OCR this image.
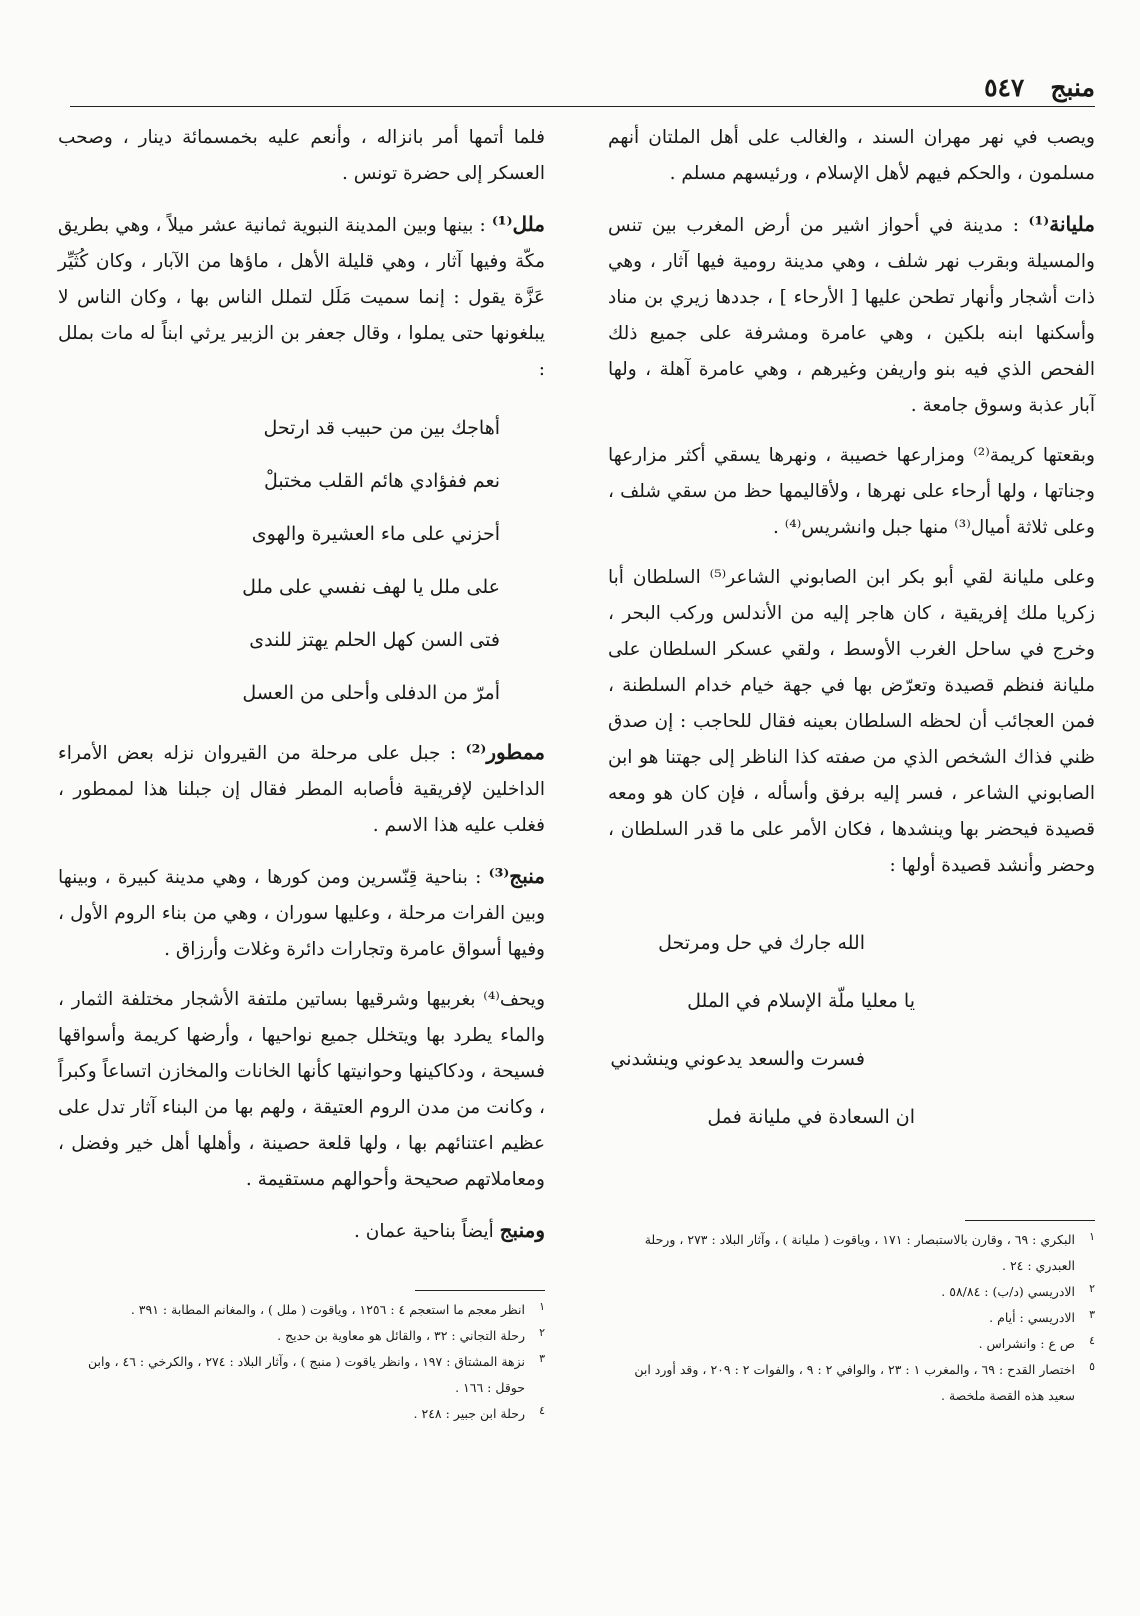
منبج
٥٤٧

ويصب في نهر مهران السند ، والغالب على أهل الملتان أنهم مسلمون ، والحكم فيهم لأهل الإسلام ، ورئيسهم مسلم .

مليانة⁽¹⁾ : مدينة في أحواز اشير من أرض المغرب بين تنس والمسيلة وبقرب نهر شلف ، وهي مدينة رومية فيها آثار ، وهي ذات أشجار وأنهار تطحن عليها [ الأرحاء ] ، جددها زيري بن مناد وأسكنها ابنه بلكين ، وهي عامرة ومشرفة على جميع ذلك الفحص الذي فيه بنو واريفن وغيرهم ، وهي عامرة آهلة ، ولها آبار عذبة وسوق جامعة .

وبقعتها كريمة⁽²⁾ ومزارعها خصيبة ، ونهرها يسقي أكثر مزارعها وجناتها ، ولها أرحاء على نهرها ، ولأقاليمها حظ من سقي شلف ، وعلى ثلاثة أميال⁽³⁾ منها جبل وانشريس⁽⁴⁾ .

وعلى مليانة لقي أبو بكر ابن الصابوني الشاعر⁽⁵⁾ السلطان أبا زكريا ملك إفريقية ، كان هاجر إليه من الأندلس وركب البحر ، وخرج في ساحل الغرب الأوسط ، ولقي عسكر السلطان على مليانة فنظم قصيدة وتعرّض بها في جهة خيام خدام السلطنة ، فمن العجائب أن لحظه السلطان بعينه فقال للحاجب : إن صدق ظني فذاك الشخص الذي من صفته كذا الناظر إلى جهتنا هو ابن الصابوني الشاعر ، فسر إليه برفق وأسأله ، فإن كان هو ومعه قصيدة فيحضر بها وينشدها ، فكان الأمر على ما قدر السلطان ، وحضر وأنشد قصيدة أولها :

الله جارك في حل ومرتحل
يا معليا ملّة الإسلام في الملل
فسرت والسعد يدعوني وينشدني
ان السعادة في مليانة فمل

فلما أتمها أمر بانزاله ، وأنعم عليه بخمسمائة دينار ، وصحب العسكر إلى حضرة تونس .

ملل⁽¹⁾ : بينها وبين المدينة النبوية ثمانية عشر ميلاً ، وهي بطريق مكّة وفيها آثار ، وهي قليلة الأهل ، ماؤها من الآبار ، وكان كُثَيِّر عَزَّة يقول : إنما سميت مَلَل لتملل الناس بها ، وكان الناس لا يبلغونها حتى يملوا ، وقال جعفر بن الزبير يرثي ابناً له مات بملل :

أهاجك بين من حبيب قد ارتحل
نعم ففؤادي هائم القلب مختبلْ
أحزني على ماء العشيرة والهوى
على ملل يا لهف نفسي على ملل
فتى السن كهل الحلم يهتز للندى
أمرّ من الدفلى وأحلى من العسل

ممطور⁽²⁾ : جبل على مرحلة من القيروان نزله بعض الأمراء الداخلين لإفريقية فأصابه المطر فقال إن جبلنا هذا لممطور ، فغلب عليه هذا الاسم .

منبج⁽³⁾ : بناحية قِنّسرين ومن كورها ، وهي مدينة كبيرة ، وبينها وبين الفرات مرحلة ، وعليها سوران ، وهي من بناء الروم الأول ، وفيها أسواق عامرة وتجارات دائرة وغلات وأرزاق .

ويحف⁽⁴⁾ بغربيها وشرقيها بساتين ملتفة الأشجار مختلفة الثمار ، والماء يطرد بها ويتخلل جميع نواحيها ، وأرضها كريمة وأسواقها فسيحة ، ودكاكينها وحوانيتها كأنها الخانات والمخازن اتساعاً وكبراً ، وكانت من مدن الروم العتيقة ، ولهم بها من البناء آثار تدل على عظيم اعتنائهم بها ، ولها قلعة حصينة ، وأهلها أهل خير وفضل ، ومعاملاتهم صحيحة وأحوالهم مستقيمة .

ومنبج أيضاً بناحية عمان .	١
البكري : ٦٩ ، وقارن بالاستبصار : ١٧١ ، وياقوت ( مليانة ) ، وآثار البلاد : ٢٧٣ ، ورحلة العبدري : ٢٤ .
٢
الادريسي (د/ب) : ٥٨/٨٤ .
٣
الادريسي : أيام .
٤
ص ع : وانشراس .
٥
اختصار القدح : ٦٩ ، والمغرب ١ : ٢٣ ، والوافي ٢ : ٩ ، والفوات ٢ : ٢٠٩ ، وقد أورد ابن سعيد هذه القصة ملخصة .
١
انظر معجم ما استعجم ٤ : ١٢٥٦ ، وياقوت ( ملل ) ، والمغانم المطابة : ٣٩١ .
٢
رحلة التجاني : ٣٢ ، والقائل هو معاوية بن حديج .
٣
نزهة المشتاق : ١٩٧ ، وانظر ياقوت ( منبج ) ، وآثار البلاد : ٢٧٤ ، والكرخي : ٤٦ ، وابن حوقل : ١٦٦ .
٤
رحلة ابن جبير : ٢٤٨ .
